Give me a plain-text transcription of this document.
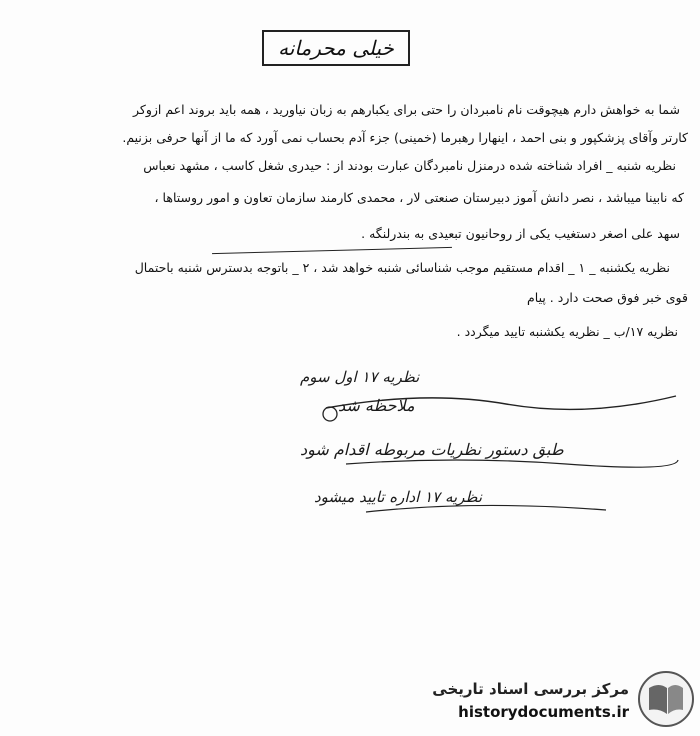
خیلی محرمانه
شما به خواهش دارم هیچوقت نام نامبردان را حتی برای یکبارهم به زبان نیاورید ، همه باید بروند اعم ازوکر
کارتر وآقای پزشکپور و بنی احمد ، اینهارا رهبرما (خمینی) جزء آدم بحساب نمی آورد که ما از آنها حرفی بزنیم.
نظریه شنبه _ افراد شناخته شده درمنزل نامبردگان عبارت بودند از : حیدری شغل کاسب ، مشهد نعباس
که نابینا میباشد ، نصر دانش آموز دبیرستان صنعتی لار ، محمدی کارمند سازمان تعاون و امور روستاها ،
سهد علی اصغر دستغیب یکی از روحانیون تبعیدی به بندرلنگه .
نظریه یکشنبه _ ۱ _ اقدام مستقیم موجب شناسائی شنبه خواهد شد ، ۲ _ باتوجه بدسترس شنبه باحتمال
قوی خبر فوق صحت دارد . پیام
نظریه ۱۷/ب _ نظریه یکشنبه تایید میگردد .
نظریه ۱۷ اول سوم
ملاحظه شد
طبق دستور نظریات مربوطه اقدام شود
نظریه ۱۷ اداره تایید میشود
مرکز بررسی اسناد تاریخی
historydocuments.ir
